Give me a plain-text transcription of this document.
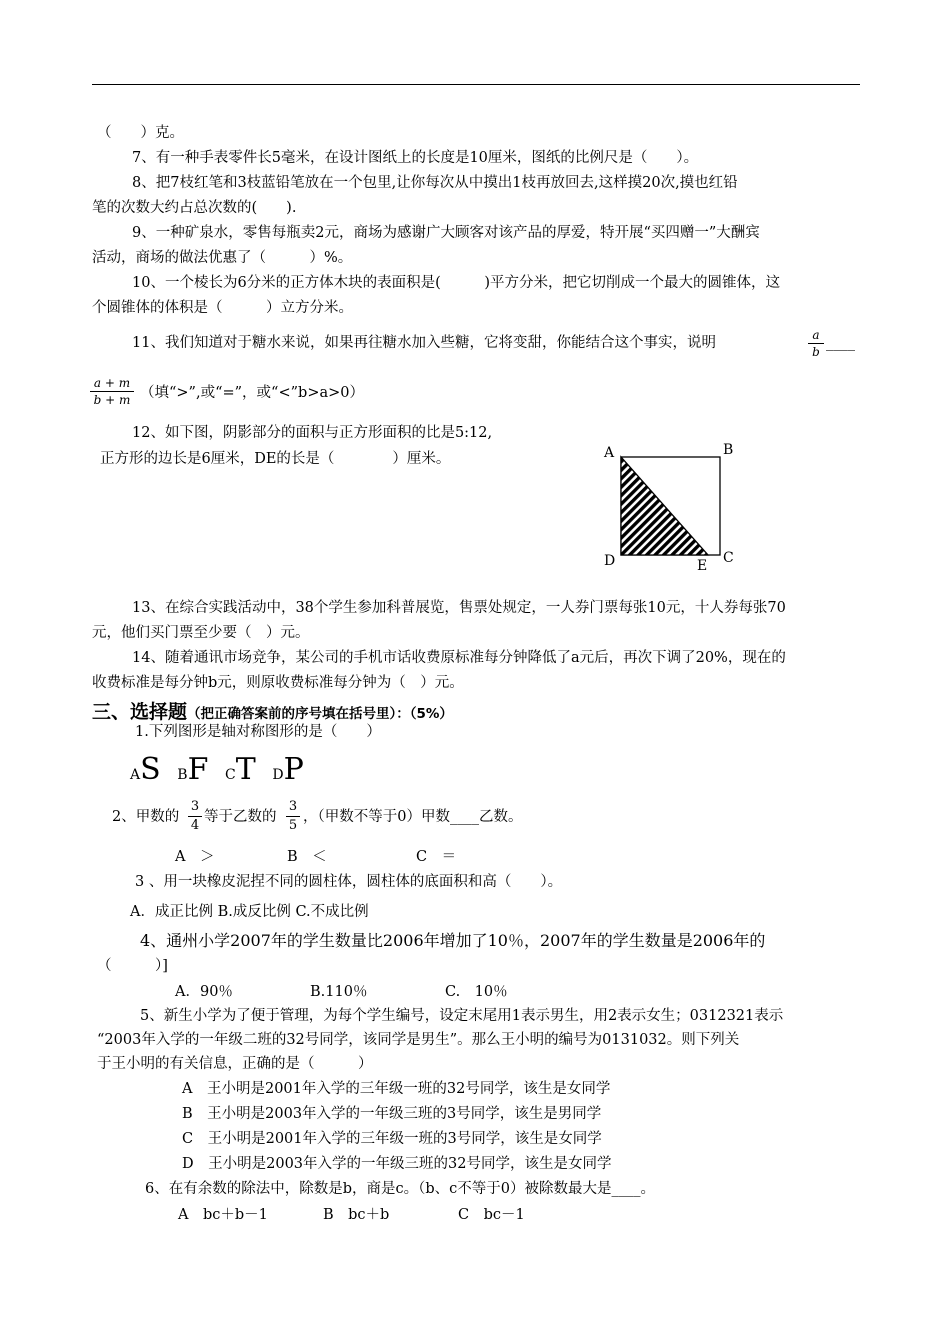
（　　）克。
7、有一种手表零件长5毫米，在设计图纸上的长度是10厘米，图纸的比例尺是（　　）。
8、把7枝红笔和3枝蓝铅笔放在一个包里,让你每次从中摸出1枝再放回去,这样摸20次,摸也红铅
笔的次数大约占总次数的(　　).
9、一种矿泉水，零售每瓶卖2元，商场为感谢广大顾客对该产品的厚爱，特开展“买四赠一”大酬宾
活动，商场的做法优惠了（　　　）%。
10、一个棱长为6分米的正方体木块的表面积是(　　　)平方分米，把它切削成一个最大的圆锥体，这
个圆锥体的体积是（　　　）立方分米。
11、我们知道对于糖水来说，如果再往糖水加入些糖，它将变甜，你能结合这个事实，说明	a
b
____
a + m
b + m （填“>”,或“=”，或“<”b>a>0）
12、如下图，阴影部分的面积与正方形面积的比是5:12,
正方形的边长是6厘米，DE的长是（　　　　）厘米。	A	B
C
D	E
13、在综合实践活动中，38个学生参加科普展览，售票处规定，一人券门票每张10元，十人券每张70
元，他们买门票至少要（　）元。
14、随着通讯市场竞争，某公司的手机市话收费原标准每分钟降低了a元后，再次下调了20%，现在的
收费标准是每分钟b元，则原收费标准每分钟为（　）元。
三、选择题（把正确答案前的序号填在括号里）：（5%）
1.下列图形是轴对称图形的是（　　）
AS BF CT DP
2、甲数的
3
4
等于乙数的
3
5
，（甲数不等于0）甲数____乙数。
A　＞	B　＜	C　＝
3 、用一块橡皮泥捏不同的圆柱体，圆柱体的底面积和高（　　）。
A．成正比例 B.成反比例 C.不成比例
4、通州小学2007年的学生数量比2006年增加了10％，2007年的学生数量是2006年的
（　　　）]
A．90％	B.110％	C.　10％
5、新生小学为了便于管理，为每个学生编号，设定末尾用1表示男生，用2表示女生；0312321表示
“2003年入学的一年级二班的32号同学，该同学是男生”。那么王小明的编号为0131032。则下列关
于王小明的有关信息，正确的是（　　　）
A　王小明是2001年入学的三年级一班的32号同学，该生是女同学
B　王小明是2003年入学的一年级三班的3号同学，该生是男同学
C　王小明是2001年入学的三年级一班的3号同学，该生是女同学
D　王小明是2003年入学的一年级三班的32号同学，该生是女同学
6、在有余数的除法中，除数是b，商是c。（b、c不等于0）被除数最大是____。
A　bc＋b－1	B　bc＋b	C　bc－1
